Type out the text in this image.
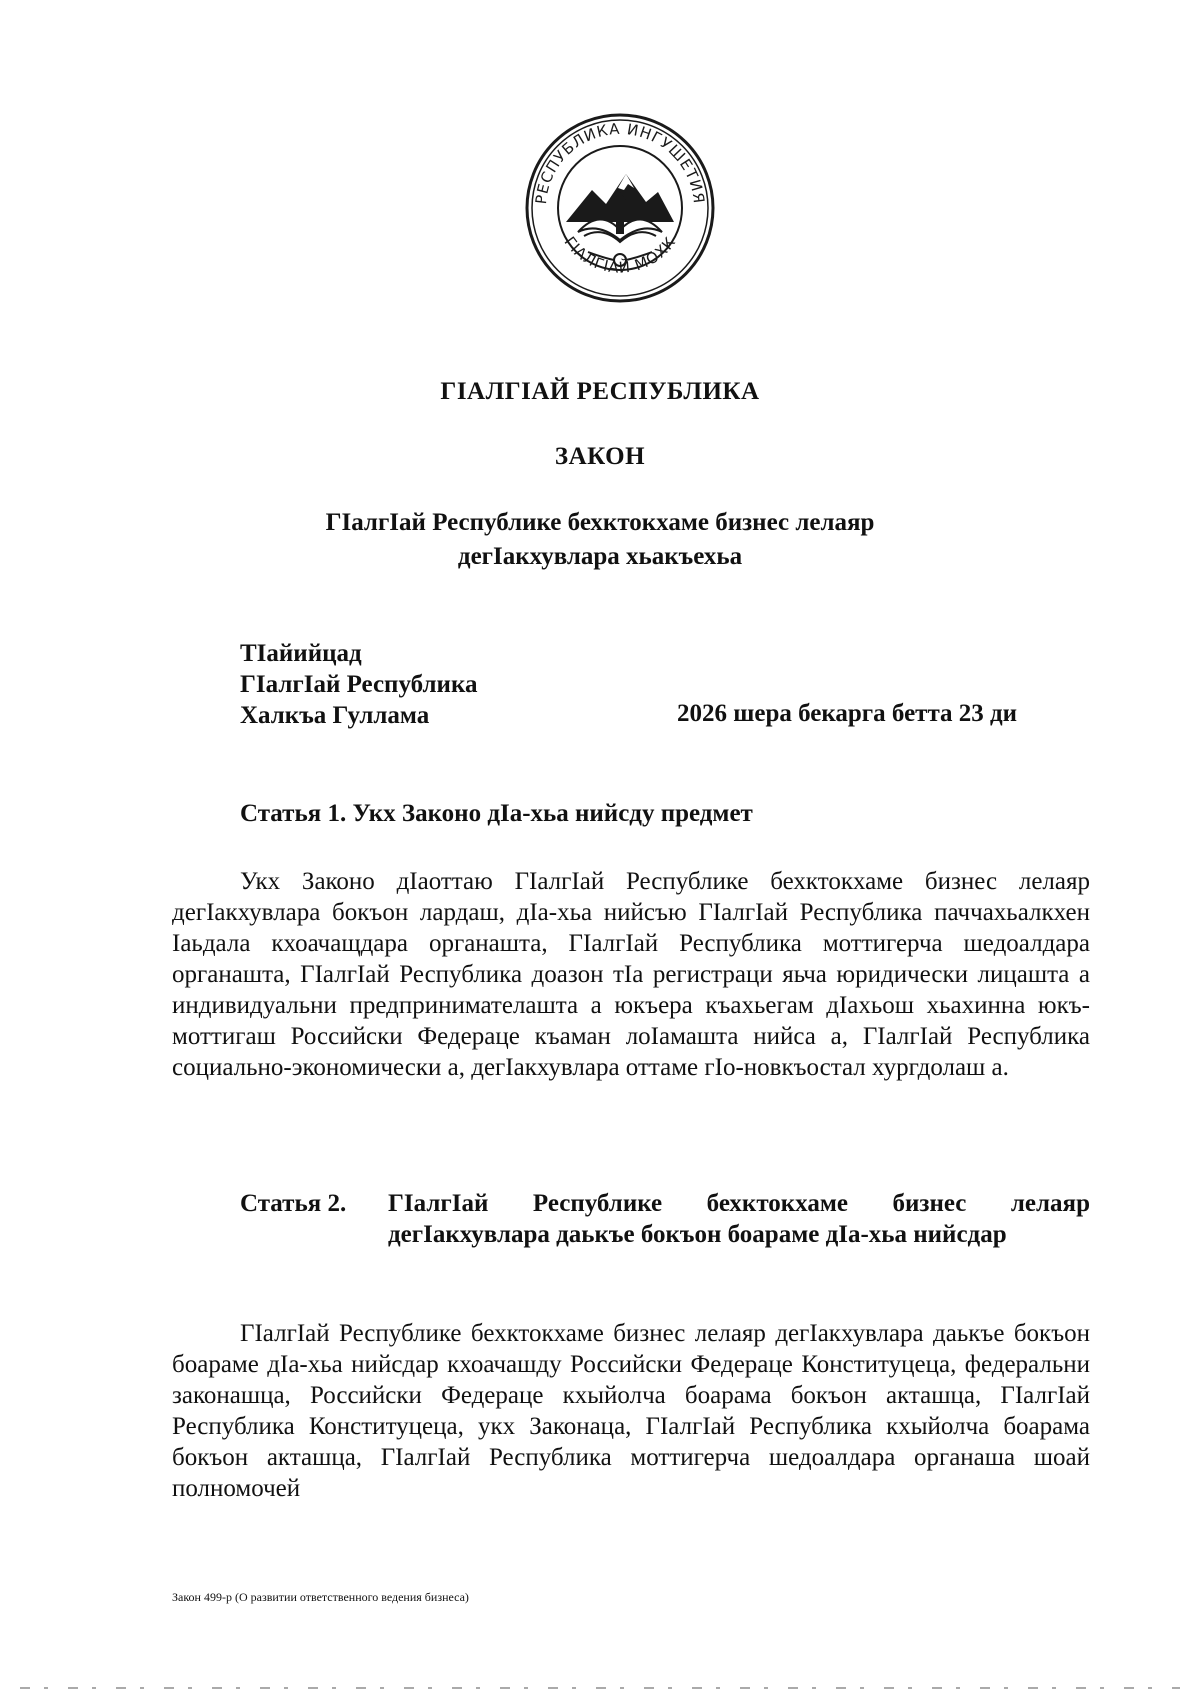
РЕСПУБЛИКА ИНГУШЕТИЯ
ГІАЛГІАЙ МОХК
ГІАЛГІАЙ РЕСПУБЛИКА
ЗАКОН
ГІалгІай Республике бехктокхаме бизнес лелаяр
дегІакхувлара хьакъехьа
ТІайийцад
ГІалгІай Республика
Халкъа Гуллама	2026 шера бекарга бетта 23 ди
Статья 1. Укх Законо дІа-хьа нийсду предмет
Укх Законо дІаоттаю ГІалгІай Республике бехктокхаме бизнес лелаяр дегІакхувлара бокъон лардаш, дІа-хьа нийсъю ГІалгІай Республика паччахьалкхен Іаьдала кхоачащдара органашта, ГІалгІай Республика моттигерча шедоалдара органашта, ГІалгІай Республика доазон тІа регистраци яьча юридически лицашта а индивидуальни предпринимателашта а юкъера къахьегам дІахьош хьахинна юкъ-моттигаш Российски Федераце къаман лоІамашта нийса а, ГІалгІай Республика социально-экономически а, дегІакхувлара оттаме гІо-новкъостал хургдолаш а.
Статья 2.	ГІалгІай Республике бехктокхаме бизнес лелаяр дегІакхувлара даькъе бокъон боараме дІа-хьа нийсдар
ГІалгІай Республике бехктокхаме бизнес лелаяр дегІакхувлара даькъе бокъон боараме дІа-хьа нийсдар кхоачашду Российски Федераце Конституцеца, федеральни законашца, Российски Федераце кхыйолча боарама бокъон акташца, ГІалгІай Республика Конституцеца, укх Законаца, ГІалгІай Республика кхыйолча боарама бокъон акташца, ГІалгІай Республика моттигерча шедоалдара органаша шоай полномочей
Закон 499-р (О развитии ответственного ведения бизнеса)
